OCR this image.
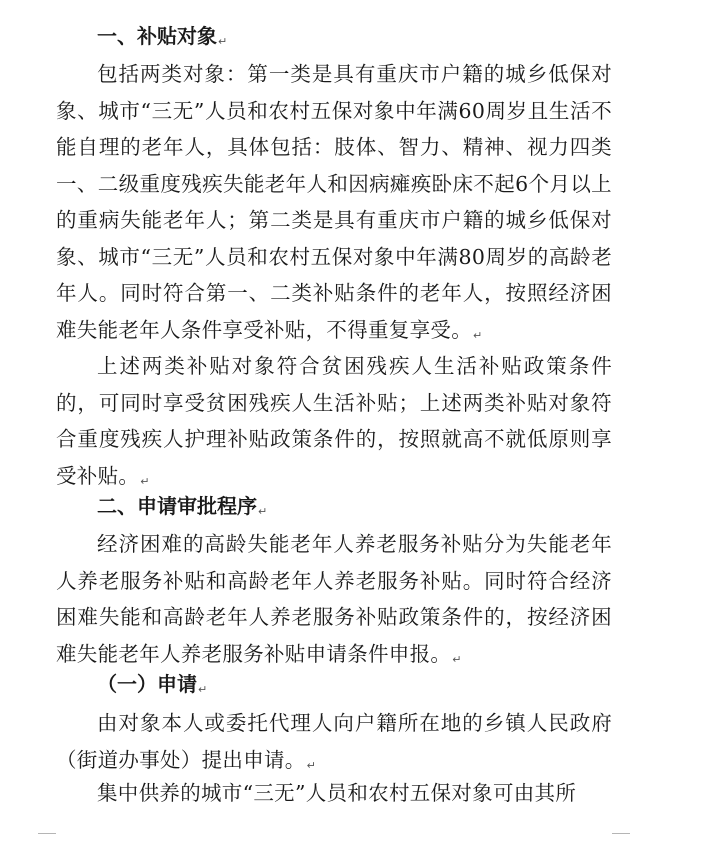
一、补贴对象↵
包括两类对象：第一类是具有重庆市户籍的城乡低保对象、城市“三无”人员和农村五保对象中年满60周岁且生活不能自理的老年人，具体包括：肢体、智力、精神、视力四类一、二级重度残疾失能老年人和因病瘫痪卧床不起6个月以上的重病失能老年人；第二类是具有重庆市户籍的城乡低保对象、城市“三无”人员和农村五保对象中年满80周岁的高龄老年人。同时符合第一、二类补贴条件的老年人，按照经济困难失能老年人条件享受补贴，不得重复享受。↵
上述两类补贴对象符合贫困残疾人生活补贴政策条件的，可同时享受贫困残疾人生活补贴；上述两类补贴对象符合重度残疾人护理补贴政策条件的，按照就高不就低原则享受补贴。↵
二、申请审批程序↵
经济困难的高龄失能老年人养老服务补贴分为失能老年人养老服务补贴和高龄老年人养老服务补贴。同时符合经济困难失能和高龄老年人养老服务补贴政策条件的，按经济困难失能老年人养老服务补贴申请条件申报。↵
（一）申请↵
由对象本人或委托代理人向户籍所在地的乡镇人民政府（街道办事处）提出申请。↵
集中供养的城市“三无”人员和农村五保对象可由其所
